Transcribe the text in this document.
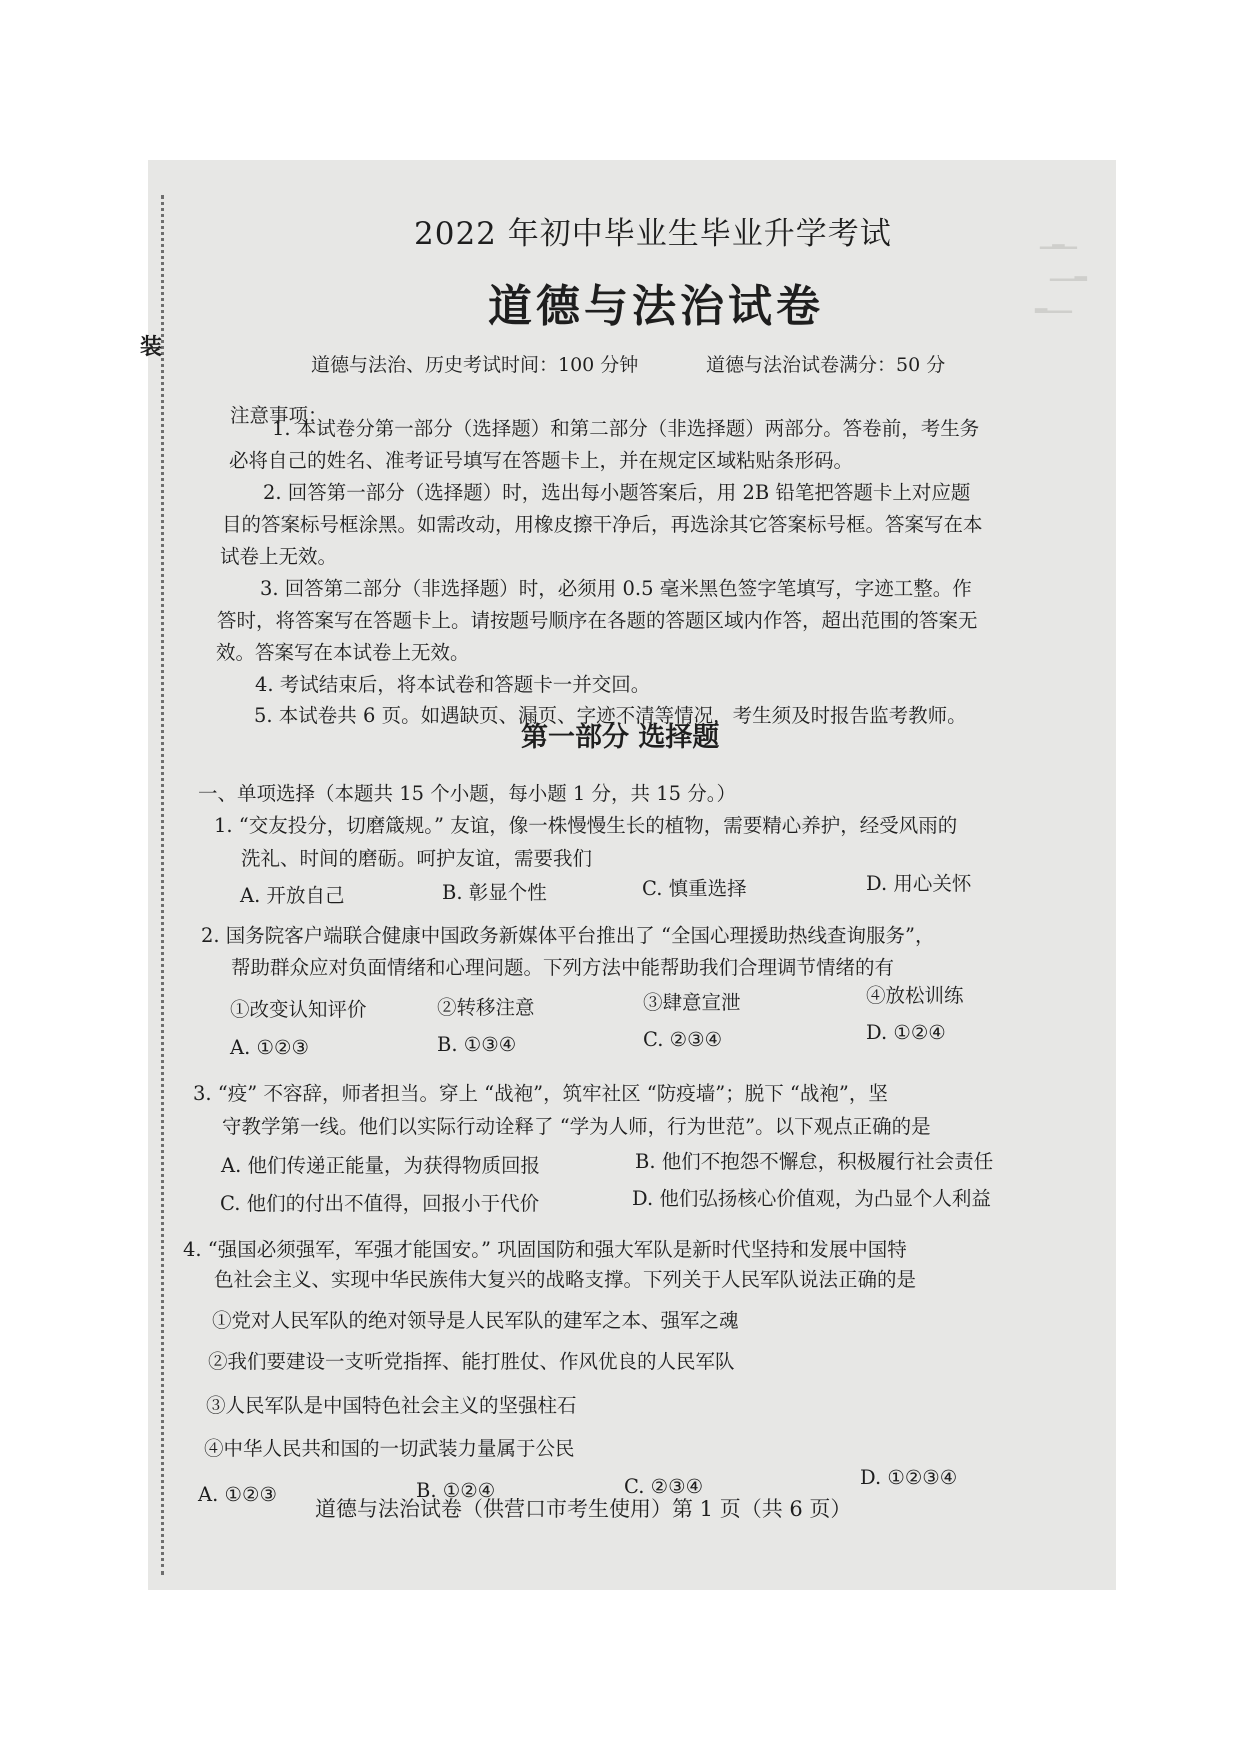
装
▁▂▁
▁▁▂
▂▁▁
2022 年初中毕业生毕业升学考试
道德与法治试卷
道德与法治、历史考试时间：100 分钟	道德与法治试卷满分：50 分
注意事项：
1. 本试卷分第一部分（选择题）和第二部分（非选择题）两部分。答卷前，考生务
必将自己的姓名、准考证号填写在答题卡上，并在规定区域粘贴条形码。
2. 回答第一部分（选择题）时，选出每小题答案后，用 2B 铅笔把答题卡上对应题
目的答案标号框涂黑。如需改动，用橡皮擦干净后，再选涂其它答案标号框。答案写在本
试卷上无效。
3. 回答第二部分（非选择题）时，必须用 0.5 毫米黑色签字笔填写，字迹工整。作
答时，将答案写在答题卡上。请按题号顺序在各题的答题区域内作答，超出范围的答案无
效。答案写在本试卷上无效。
4. 考试结束后，将本试卷和答题卡一并交回。
5. 本试卷共 6 页。如遇缺页、漏页、字迹不清等情况，考生须及时报告监考教师。
第一部分 选择题
一、单项选择（本题共 15 个小题，每小题 1 分，共 15 分。）
1. “交友投分，切磨箴规。” 友谊，像一株慢慢生长的植物，需要精心养护，经受风雨的
洗礼、时间的磨砺。呵护友谊，需要我们
A. 开放自己	B. 彰显个性	C. 慎重选择	D. 用心关怀
2. 国务院客户端联合健康中国政务新媒体平台推出了 “全国心理援助热线查询服务”，
帮助群众应对负面情绪和心理问题。下列方法中能帮助我们合理调节情绪的有
①改变认知评价	②转移注意	③肆意宣泄	④放松训练
A. ①②③	B. ①③④	C. ②③④	D. ①②④
3. “疫” 不容辞，师者担当。穿上 “战袍”，筑牢社区 “防疫墙”；脱下 “战袍”，坚
守教学第一线。他们以实际行动诠释了 “学为人师，行为世范”。以下观点正确的是
A. 他们传递正能量，为获得物质回报	B. 他们不抱怨不懈怠，积极履行社会责任
C. 他们的付出不值得，回报小于代价	D. 他们弘扬核心价值观，为凸显个人利益
4. “强国必须强军，军强才能国安。” 巩固国防和强大军队是新时代坚持和发展中国特
色社会主义、实现中华民族伟大复兴的战略支撑。下列关于人民军队说法正确的是
①党对人民军队的绝对领导是人民军队的建军之本、强军之魂
②我们要建设一支听党指挥、能打胜仗、作风优良的人民军队
③人民军队是中国特色社会主义的坚强柱石
④中华人民共和国的一切武装力量属于公民
A. ①②③	B. ①②④	C. ②③④	D. ①②③④
道德与法治试卷（供营口市考生使用）第 1 页（共 6 页）
